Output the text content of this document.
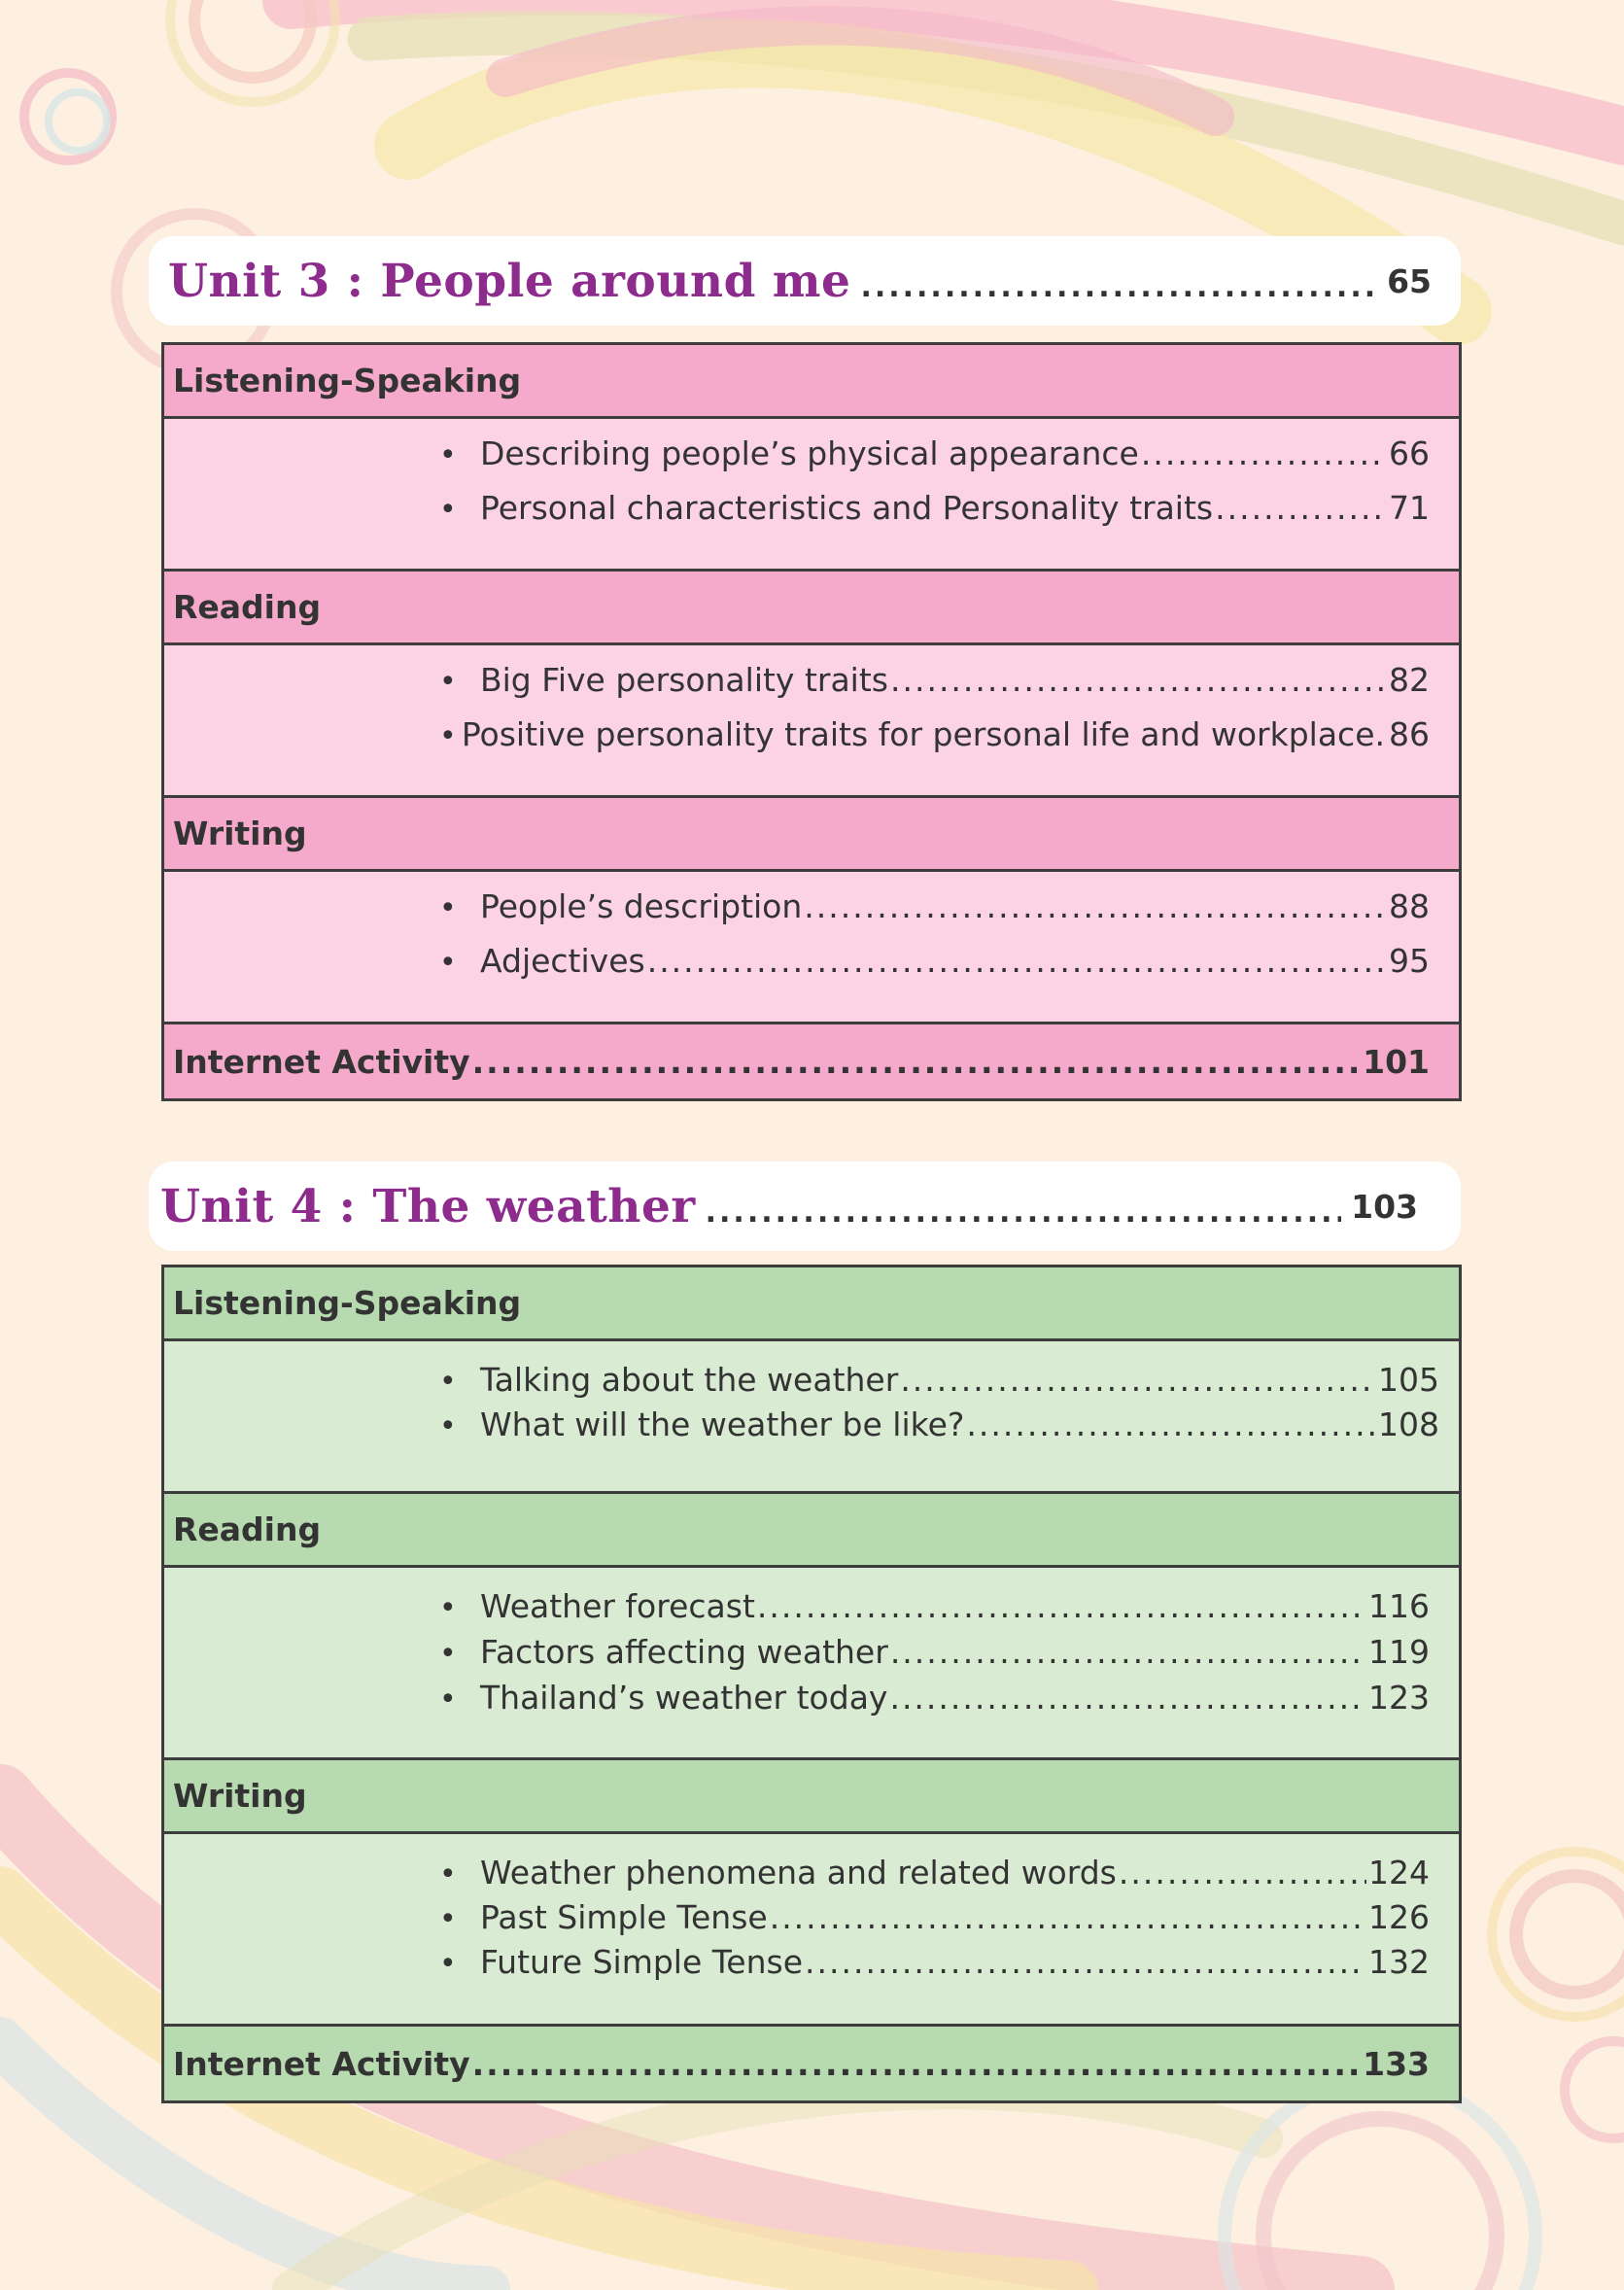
Unit 3 : People around me .....	65
Listening-Speaking
• Describing people’s physical appearance .....	66
• Personal characteristics and Personality traits .....	71
Reading
• Big Five personality traits .....	82
• Positive personality traits for personal life and workplace. 86
Writing
• People’s description .....	88
• Adjectives .....	95
Internet Activity .....	101
Unit 4 : The weather .....	103
Listening-Speaking
• Talking about the weather .....	105
• What will the weather be like? .....	108
Reading
• Weather forecast .....	116
• Factors affecting weather .....	119
• Thailand’s weather today .....	123
Writing
• Weather phenomena and related words .....	124
• Past Simple Tense .....	126
• Future Simple Tense .....	132
Internet Activity .....	133
